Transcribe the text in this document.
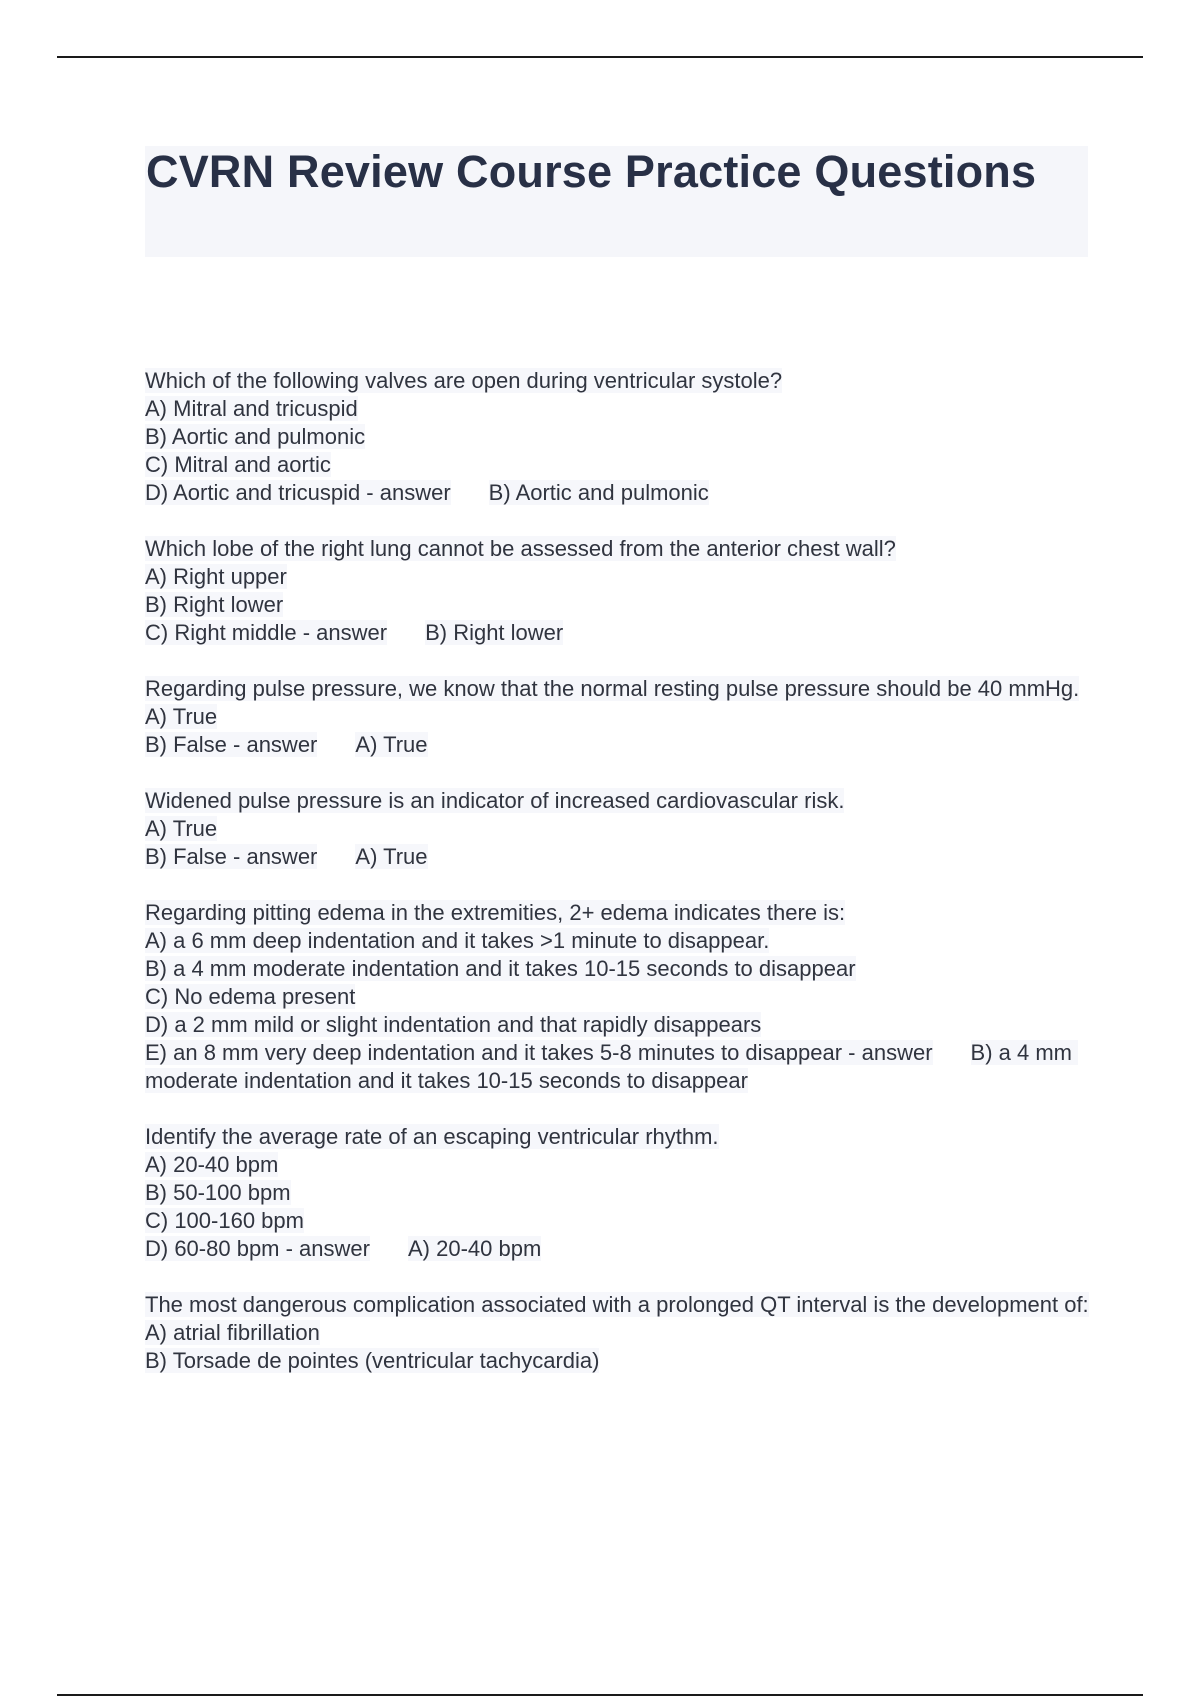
CVRN Review Course Practice Questions
Which of the following valves are open during ventricular systole?
A) Mitral and tricuspid
B) Aortic and pulmonic
C) Mitral and aortic
D) Aortic and tricuspid - answer B) Aortic and pulmonic
Which lobe of the right lung cannot be assessed from the anterior chest wall?
A) Right upper
B) Right lower
C) Right middle - answer B) Right lower
Regarding pulse pressure, we know that the normal resting pulse pressure should be 40 mmHg.
A) True
B) False - answer A) True
Widened pulse pressure is an indicator of increased cardiovascular risk.
A) True
B) False - answer A) True
Regarding pitting edema in the extremities, 2+ edema indicates there is:
A) a 6 mm deep indentation and it takes >1 minute to disappear.
B) a 4 mm moderate indentation and it takes 10-15 seconds to disappear
C) No edema present
D) a 2 mm mild or slight indentation and that rapidly disappears
E) an 8 mm very deep indentation and it takes 5-8 minutes to disappear - answer B) a 4 mm moderate indentation and it takes 10-15 seconds to disappear
Identify the average rate of an escaping ventricular rhythm.
A) 20-40 bpm
B) 50-100 bpm
C) 100-160 bpm
D) 60-80 bpm - answer A) 20-40 bpm
The most dangerous complication associated with a prolonged QT interval is the development of:
A) atrial fibrillation
B) Torsade de pointes (ventricular tachycardia)
